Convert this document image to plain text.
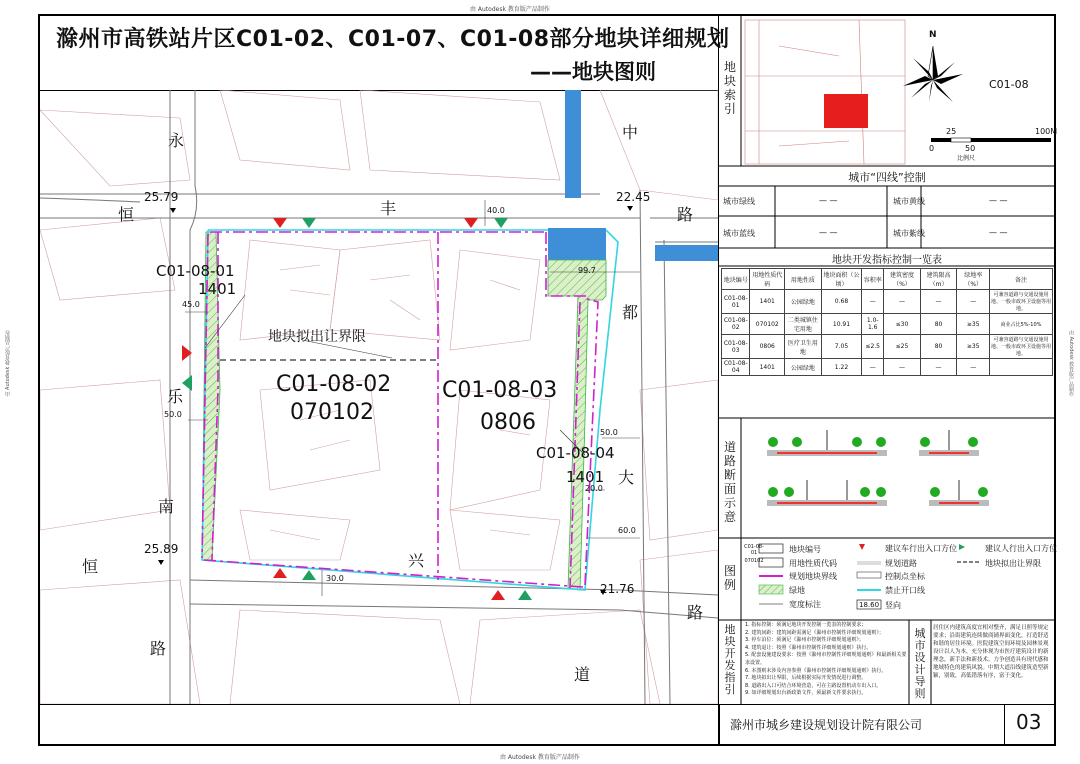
由 Autodesk 教育版产品制作
滁州市高铁站片区C01-02、C01-07、C01-08部分地块详细规划
——地块图则
永
恒
乐
南
恒
路
丰
中
路
都
大
兴
路
道
25.79	22.45
25.89
21.76
45.0
50.0
99.7
50.0
20.0
60.0
30.0
40.0
C01-08-01
1401
地块拟出让界限
C01-08-02
070102
C01-08-03
0806
C01-08-04
1401
地块索引
N
C01-08
25	100M
0	50
比例尺
城市“四线”控制
城市绿线	— —	城市黄线	— —
城市蓝线	— —	城市紫线	— —
地块开发指标控制一览表
地块编号	用地性质代码	用地性质	地块面积（公顷）	容积率	建筑密度（%）	建筑限高（m）	绿地率（%）	备注
C01-08-01	1401	公园绿地	0.68	—	—	—	—	可兼容道路与交通设施用地、一般市政环卫设施等用地。
C01-08-02	070102	二类城镇住宅用地	10.91	1.0-1.6	≤30	80	≥35	商业占比5%-10%
C01-08-03	0806	医疗卫生用地	7.05	≤2.5	≤25	80	≥35	可兼容道路与交通设施用地、一般市政环卫设施等用地。
C01-08-04	1401	公园绿地	1.22	—	—	—	—	
道路断面示意
图例
C01-08-01
070102
地块编号
用地性质代码
规划地块界线
绿地
宽度标注
建议车行出入口方位
规划道路
控制点坐标
禁止开口线
18.60 竖向
建议人行出入口方位
地块拟出让界限
地块开发指引
1. 指标控制：须满足地块开发控制一览表的控制要求；
2. 建筑间距：建筑间距需满足《滁州市控制性详细规划通则》；
3. 停车泊位：须满足《滁州市控制性详细规划通则》；
4. 建筑退让：按照《滁州市控制性详细规划通则》执行。
5. 配套设施建设要求：按照《滁州市控制性详细规划通则》和最新相关要求设置。
6. 本图则未涉及内容参照《滁州市控制性详细规划通则》执行。
7. 地块拟出让界限，后续根据实际开发情况进行调整。
8. 道路出入口可结合环境营造，可在主路设置机动车出入口。
9. 如详细规划出台新政策文件，须最新文件要求执行。
城市设计导则
居住区内建筑高度宜相对整齐，满足日照等规定要求；沿街建筑连续做商铺界面变化，打造舒适和谐的居住环境。医院建筑空间环境及园林景观设计以人为本，充分体现为市医疗建筑设计的新理念，新手法和新技术。力争创造具有现代感和地域特色的建筑风貌。中期大道沿线建筑造型新颖，别致，高低错落有序，富于变化。
滁州市城乡建设规划设计院有限公司	03
由 Autodesk 教育版产品制作
由 Autodesk 教育版产品制作	由 Autodesk 教育版产品制作
